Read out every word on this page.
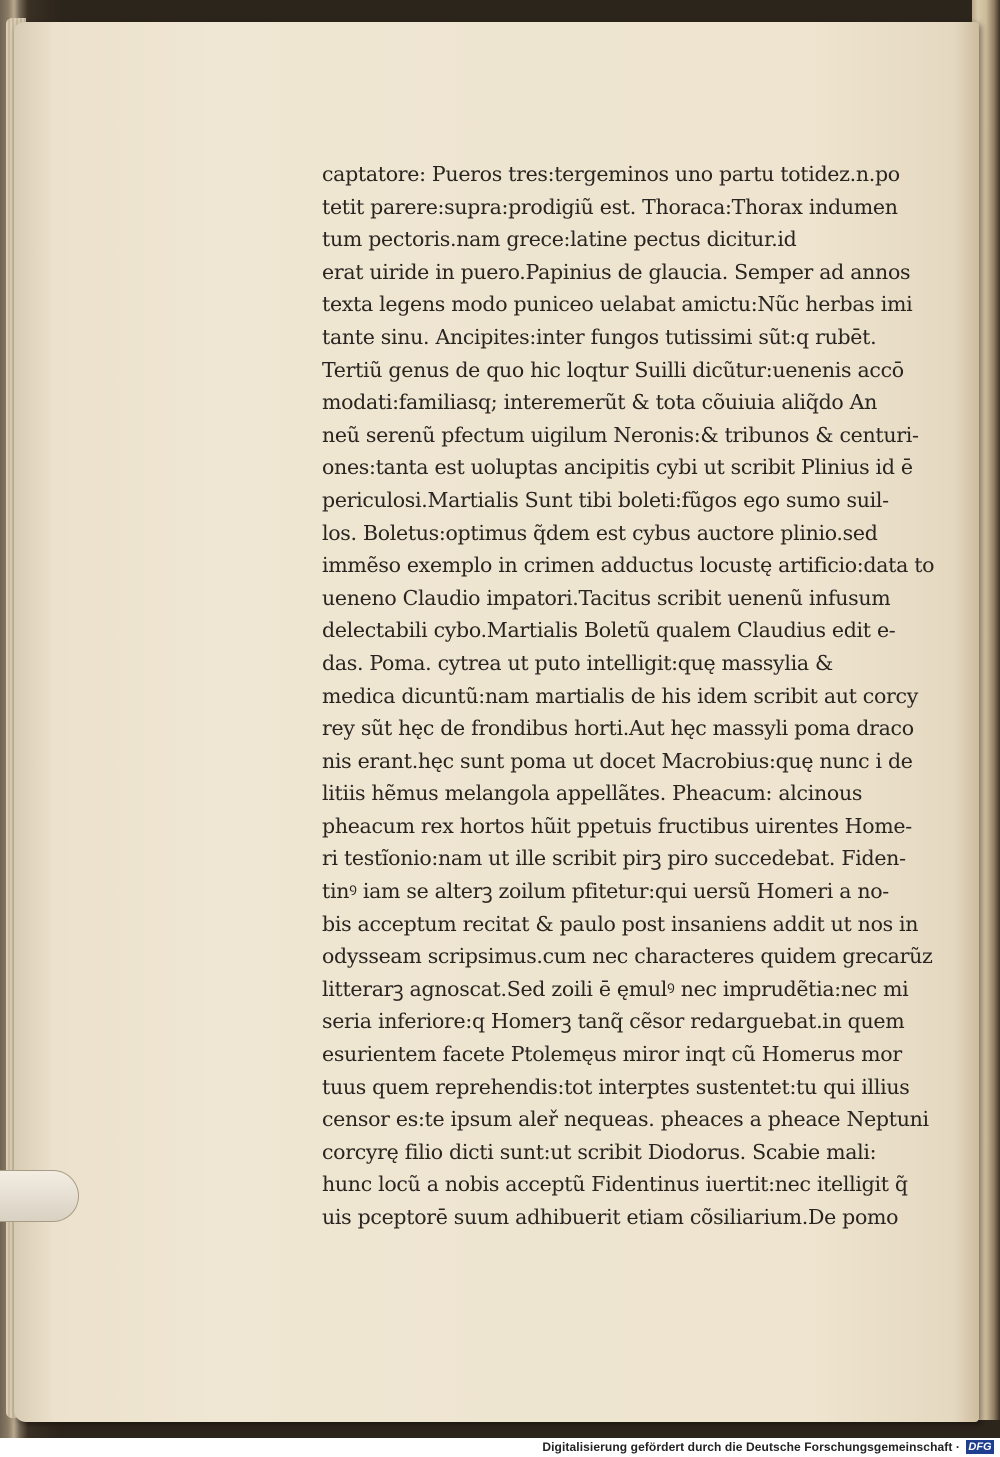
captatore: Pueros tres:tergeminos uno partu totidez.n.po
tetit parere:supra:prodigiũ est. Thoraca:Thorax indumen
tum pectoris.nam grece:latine pectus dicitur.id
erat uiride in puero.Papinius de glaucia. Semper ad annos
texta legens modo puniceo uelabat amictu:Nũc herbas imi
tante sinu. Ancipites:inter fungos tutissimi sũt:q rubēt.
Tertiũ genus de quo hic loqtur Suilli dicũtur:uenenis accō
modati:familiasq; interemerũt & tota cõuiuia aliq̃do An
neũ serenũ pfectum uigilum Neronis:& tribunos & centuri-
ones:tanta est uoluptas ancipitis cybi ut scribit Plinius id ē
periculosi.Martialis Sunt tibi boleti:fũgos ego sumo suil-
los. Boletus:optimus q̃dem est cybus auctore plinio.sed
immẽso exemplo in crimen adductus locustę artificio:data to
ueneno Claudio impatori.Tacitus scribit uenenũ infusum
delectabili cybo.Martialis Boletũ qualem Claudius edit e-
das. Poma. cytrea ut puto intelligit:quę massylia &
medica dicuntũ:nam martialis de his idem scribit aut corcy
rey sũt hęc de frondibus horti.Aut hęc massyli poma draco
nis erant.hęc sunt poma ut docet Macrobius:quę nunc i de
litiis hẽmus melangola appellãtes. Pheacum: alcinous
pheacum rex hortos hũit ppetuis fructibus uirentes Home-
ri testĩonio:nam ut ille scribit pirꝫ piro succedebat. Fiden-
tinꝰ iam se alterꝫ zoilum pfitetur:qui uersũ Homeri a no-
bis acceptum recitat & paulo post insaniens addit ut nos in
odysseam scripsimus.cum nec characteres quidem grecarũz
litterarꝫ agnoscat.Sed zoili ē ęmulꝰ nec imprudẽtia:nec mi
seria inferiore:q Homerꝫ tanq̃ cẽsor redarguebat.in quem
esurientem facete Ptolemęus miror inqt cũ Homerus mor
tuus quem reprehendis:tot interptes sustentet:tu qui illius
censor es:te ipsum aleř nequeas. pheaces a pheace Neptuni
corcyrę filio dicti sunt:ut scribit Diodorus. Scabie mali:
hunc locũ a nobis acceptũ Fidentinus iuertit:nec itelligit q̃
uis pceptorē suum adhibuerit etiam cõsiliarium.De pomo
Digitalisierung gefördert durch die Deutsche Forschungsgemeinschaft · DFG
